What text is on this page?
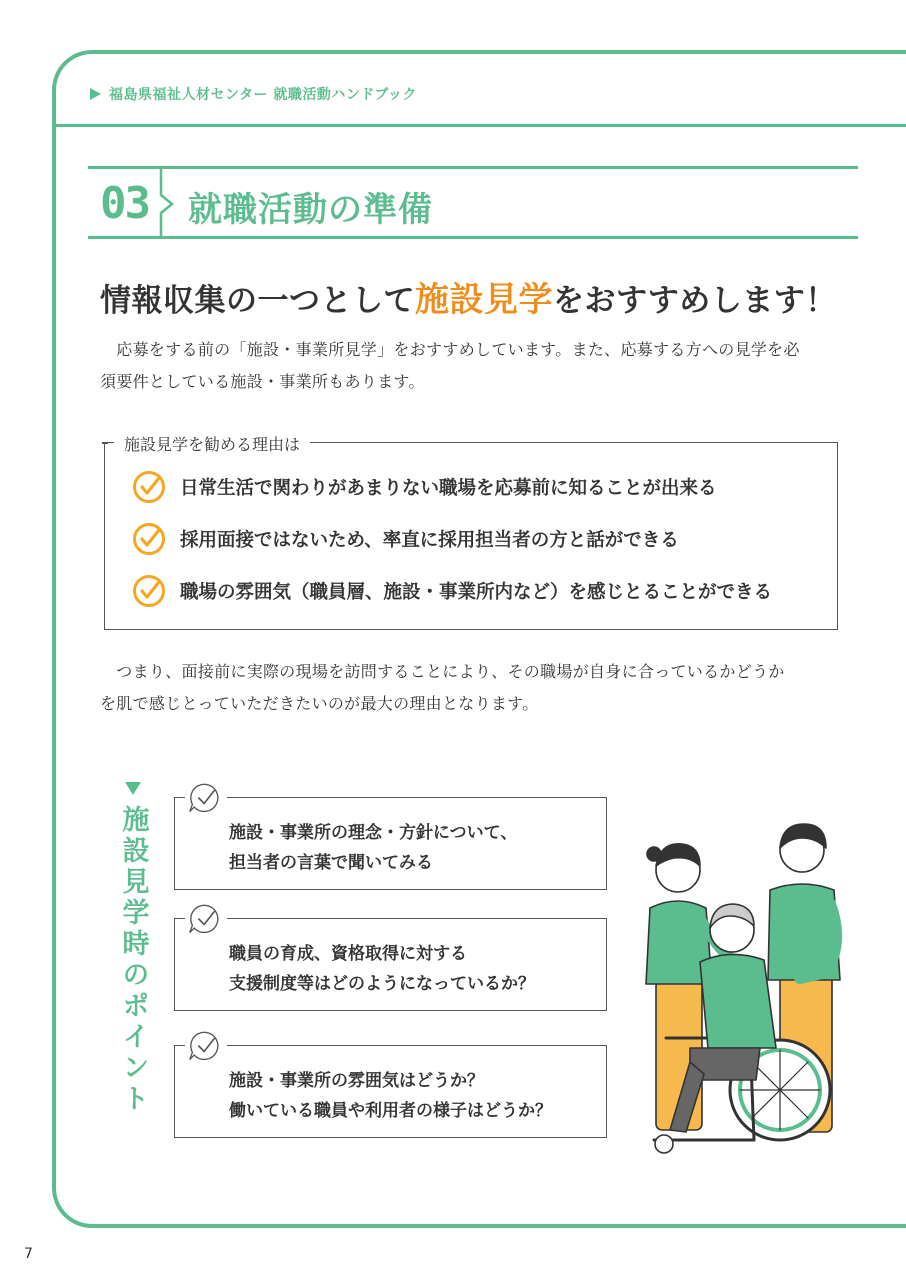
福島県福祉人材センター 就職活動ハンドブック
03 就職活動の準備
情報収集の一つとして施設見学をおすすめします！
　応募をする前の「施設・事業所見学」をおすすめしています。また、応募する方への見学を必
須要件としている施設・事業所もあります。
施設見学を勧める理由は
日常生活で関わりがあまりない職場を応募前に知ることが出来る
採用面接ではないため、率直に採用担当者の方と話ができる
職場の雰囲気（職員層、施設・事業所内など）を感じとることができる
　つまり、面接前に実際の現場を訪問することにより、その職場が自身に合っているかどうか
を肌で感じとっていただきたいのが最大の理由となります。
施設見学時のポイント	施設・事業所の理念・方針について、
担当者の言葉で聞いてみる
職員の育成、資格取得に対する
支援制度等はどのようになっているか？
施設・事業所の雰囲気はどうか？
働いている職員や利用者の様子はどうか？
7
